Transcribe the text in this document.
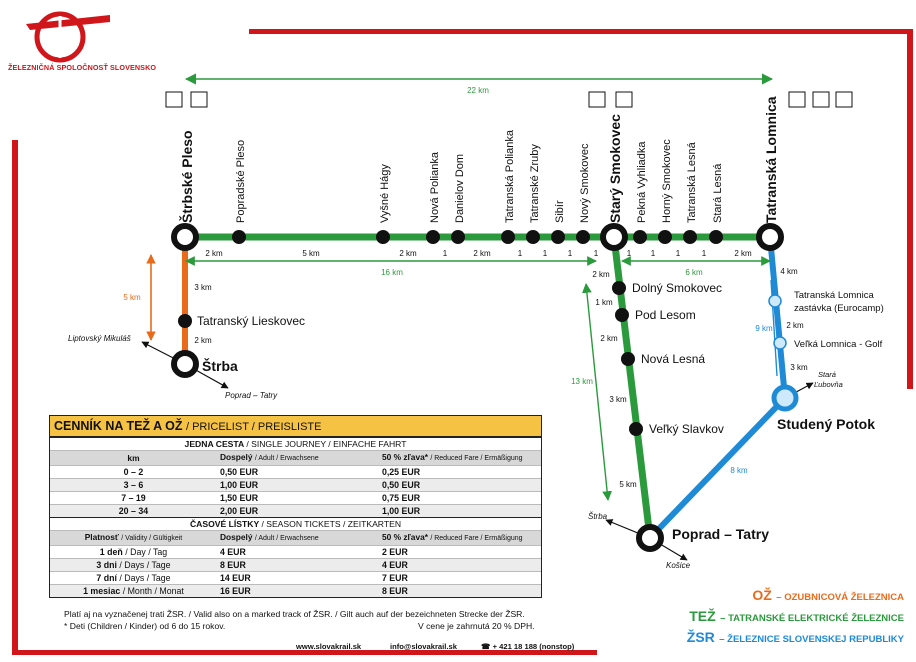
Štrbské Pleso	Popradské Pleso	Vyšné Hágy	Nová Polianka Danielov Dom	Tatranská Polianka Tatranské Zruby Sibír Nový Smokovec Starý Smokovec Pekná Vyhliadka Horný Smokovec Tatranská Lesná Stará Lesná	Tatranská Lomnica
22 km
2 km	5 km	2 km	1	2 km	1	1	1	1	1 1	1	1	2 km
16 km	6 km
5 km
13 km
9 km
3 km
2 km
2 km
1 km
2 km
3 km
5 km
4 km
2 km
3 km
8 km
Tatranský Lieskovec
Štrba
Liptovský Mikuláš
Poprad – Tatry
Dolný Smokovec
Pod Lesom
Nová Lesná
Veľký Slavkov
Poprad – Tatry
Štrba
Košice
Tatranská Lomnica
zastávka (Eurocamp)
Veľká Lomnica - Golf
Studený Potok
Stará
Ľubovňa
ŽELEZNIČNÁ SPOLOČNOSŤ SLOVENSKO
CENNÍK NA TEŽ A OŽ / PRICELIST / PREISLISTE
JEDNA CESTA / SINGLE JOURNEY / EINFACHE FAHRT		
km	Dospelý / Adult / Erwachsene	50 % zľava* / Reduced Fare / Ermäßigung
0 – 2	0,50 EUR	0,25 EUR
3 – 6	1,00 EUR	0,50 EUR
7 – 19	1,50 EUR	0,75 EUR
20 – 34	2,00 EUR	1,00 EUR
ČASOVÉ LÍSTKY / SEASON TICKETS / ZEITKARTEN		
Platnosť / Validity / Gültigkeit	Dospelý / Adult / Erwachsene	50 % zľava* / Reduced Fare / Ermäßigung
1 deň / Day / Tag	4 EUR	2 EUR
3 dni / Days / Tage	8 EUR	4 EUR
7 dní / Days / Tage	14 EUR	7 EUR
1 mesiac / Month / Monat	16 EUR	8 EUR
Platí aj na vyznačenej trati ŽSR. / Valid also on a marked track of ŽSR. / Gilt auch auf der bezeichneten Strecke der ŽSR.
* Deti (Children / Kinder) od 6 do 15 rokov.	V cene je zahrnutá 20 % DPH.
www.slovakrail.sk	info@slovakrail.sk	☎ + 421 18 188 (nonstop)
OŽ – OZUBNICOVÁ ŽELEZNICA
TEŽ – TATRANSKÉ ELEKTRICKÉ ŽELEZNICE
ŽSR – ŽELEZNICE SLOVENSKEJ REPUBLIKY
